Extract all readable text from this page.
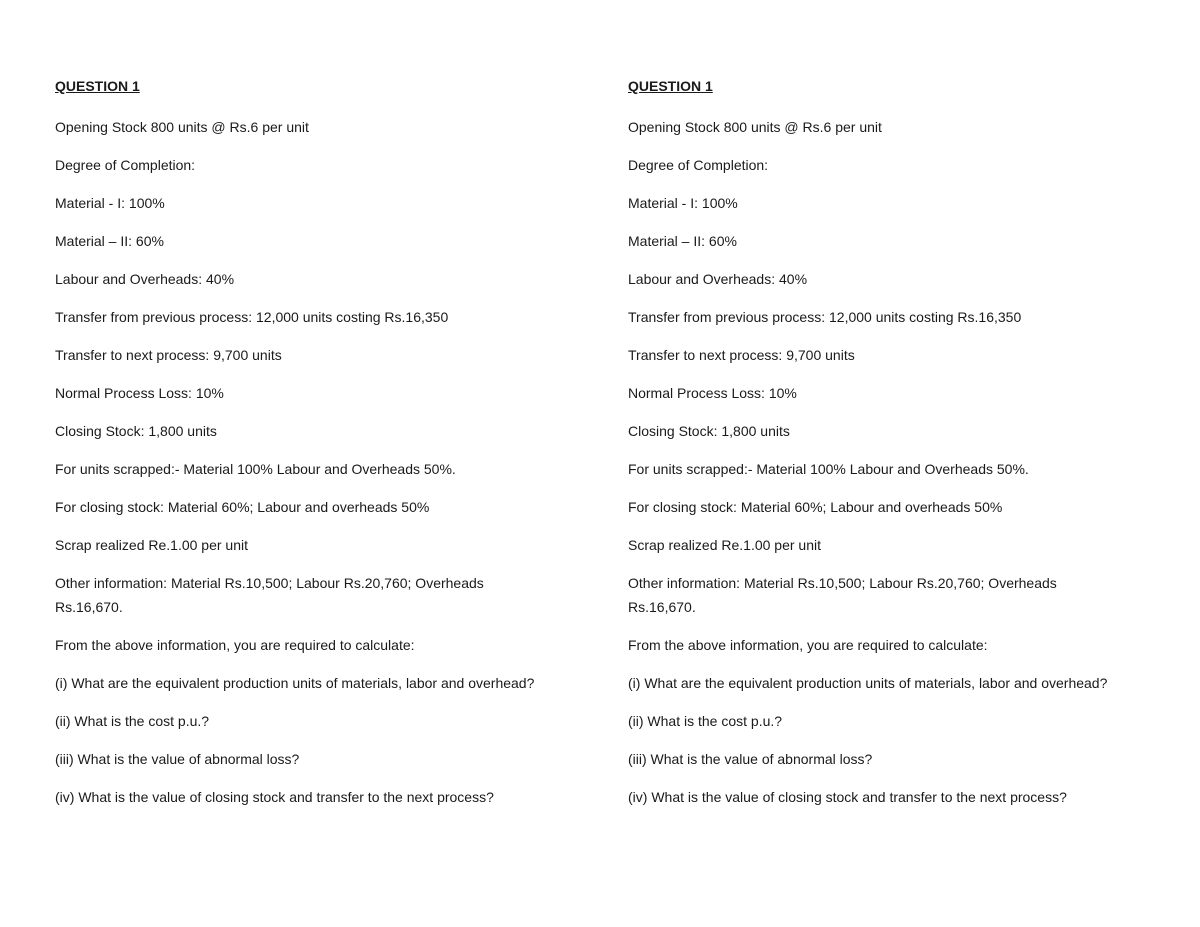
QUESTION 1
Opening Stock 800 units @ Rs.6 per unit
Degree of Completion:
Material - I: 100%
Material – II: 60%
Labour and Overheads: 40%
Transfer from previous process: 12,000 units costing Rs.16,350
Transfer to next process: 9,700 units
Normal Process Loss: 10%
Closing Stock: 1,800 units
For units scrapped:- Material 100% Labour and Overheads 50%.
For closing stock: Material 60%; Labour and overheads 50%
Scrap realized Re.1.00 per unit
Other information: Material Rs.10,500; Labour Rs.20,760; Overheads Rs.16,670.
From the above information, you are required to calculate:
(i) What are the equivalent production units of materials, labor and overhead?
(ii) What is the cost p.u.?
(iii) What is the value of abnormal loss?
(iv) What is the value of closing stock and transfer to the next process?
QUESTION 1
Opening Stock 800 units @ Rs.6 per unit
Degree of Completion:
Material - I: 100%
Material – II: 60%
Labour and Overheads: 40%
Transfer from previous process: 12,000 units costing Rs.16,350
Transfer to next process: 9,700 units
Normal Process Loss: 10%
Closing Stock: 1,800 units
For units scrapped:- Material 100% Labour and Overheads 50%.
For closing stock: Material 60%; Labour and overheads 50%
Scrap realized Re.1.00 per unit
Other information: Material Rs.10,500; Labour Rs.20,760; Overheads Rs.16,670.
From the above information, you are required to calculate:
(i) What are the equivalent production units of materials, labor and overhead?
(ii) What is the cost p.u.?
(iii) What is the value of abnormal loss?
(iv) What is the value of closing stock and transfer to the next process?
